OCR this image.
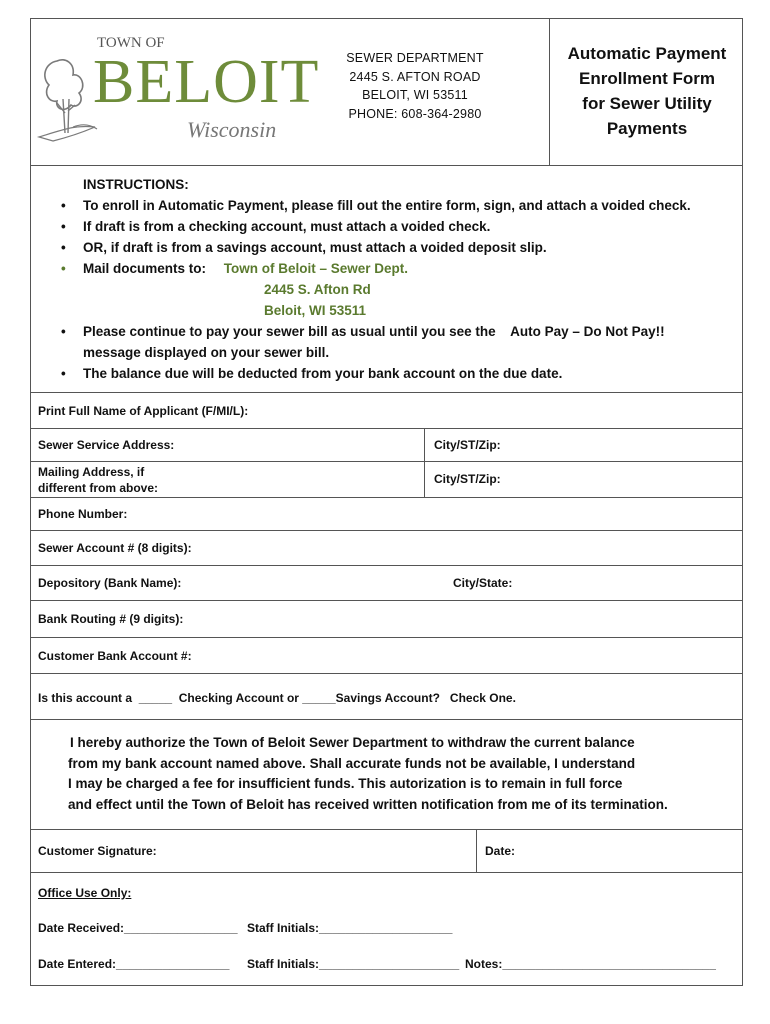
TOWN OF
BELOIT
Wisconsin
SEWER DEPARTMENT
2445 S. AFTON ROAD
BELOIT, WI 53511
PHONE: 608-364-2980
Automatic Payment
Enrollment Form
for Sewer Utility
Payments
INSTRUCTIONS:
• To enroll in Automatic Payment, please fill out the entire form, sign, and attach a voided check.
• If draft is from a checking account, must attach a voided check.
• OR, if draft is from a savings account, must attach a voided deposit slip.
• Mail documents to: Town of Beloit – Sewer Dept.
2445 S. Afton Rd
Beloit, WI 53511
• Please continue to pay your sewer bill as usual until you see the    Auto Pay – Do Not Pay!! message displayed on your sewer bill.
• The balance due will be deducted from your bank account on the due date.
Print Full Name of Applicant (F/MI/L):
Sewer Service Address:	City/ST/Zip:
Mailing Address, if
different from above:
City/ST/Zip:
Phone Number:
Sewer Account # (8 digits):
Depository (Bank Name):	City/State:
Bank Routing # (9 digits):
Customer Bank Account #:
Is this account a  _____  Checking Account or _____Savings Account?   Check One.
I hereby authorize the Town of Beloit Sewer Department to withdraw the current balance
from my bank account named above. Shall accurate funds not be available, I understand
I may be charged a fee for insufficient funds. This autorization is to remain in full force
and effect until the Town of Beloit has received written notification from me of its termination.
Customer Signature:	Date:
Office Use Only:
Date Received:_________________ Staff Initials:____________________
Date Entered:_________________ Staff Initials:_____________________ Notes:________________________________
